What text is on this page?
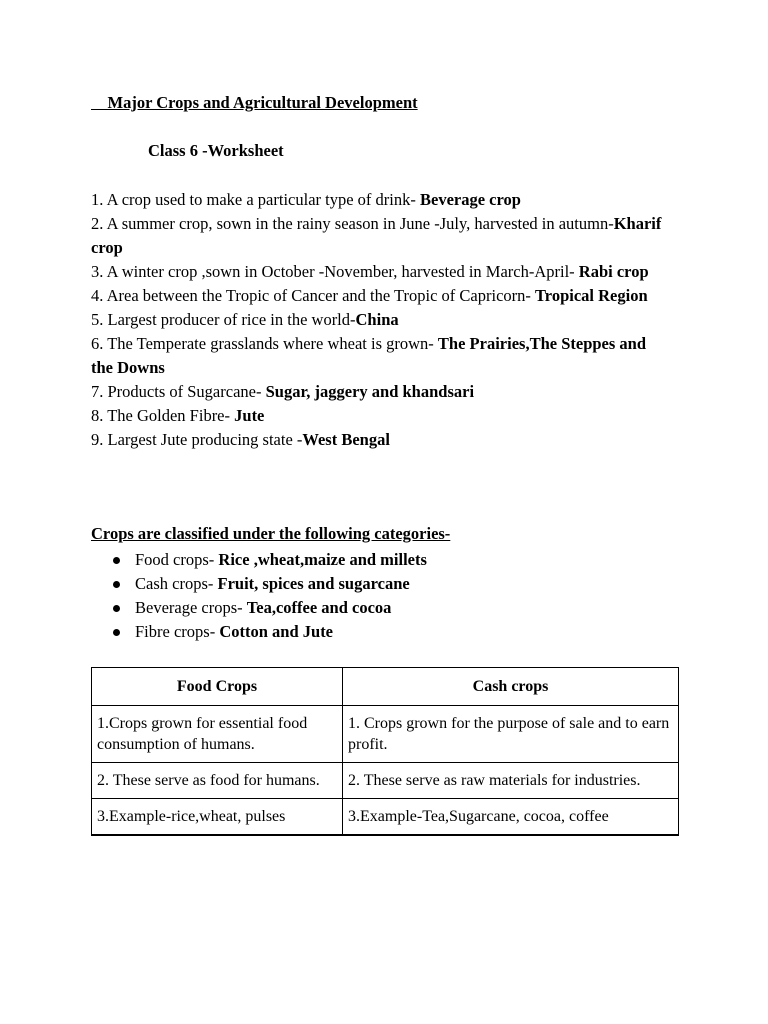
Major Crops and Agricultural Development
Class 6 -Worksheet

1. A crop used to make a particular type of drink- Beverage crop

2. A summer crop, sown in the rainy season in June -July, harvested in autumn-Kharif crop

3. A winter crop ,sown in October -November, harvested in March-April- Rabi crop

4. Area between the Tropic of Cancer and the Tropic of Capricorn- Tropical Region

5. Largest producer of rice in the world-China

6. The Temperate grasslands where wheat is grown- The Prairies,The Steppes and the Downs

7. Products of Sugarcane- Sugar, jaggery and khandsari

8. The Golden Fibre- Jute

9. Largest Jute producing state -West Bengal

Crops are classified under the following categories-
Food crops- Rice ,wheat,maize and millets
Cash crops- Fruit, spices and sugarcane
Beverage crops- Tea,coffee and cocoa
Fibre crops- Cotton and Jute
Food Crops	Cash crops
1.Crops grown for essential food consumption of humans.	1. Crops grown for the purpose of sale and to earn profit.
2. These serve as food for humans.	2. These serve as raw materials for industries.
3.Example-rice,wheat, pulses	3.Example-Tea,Sugarcane, cocoa, coffee
